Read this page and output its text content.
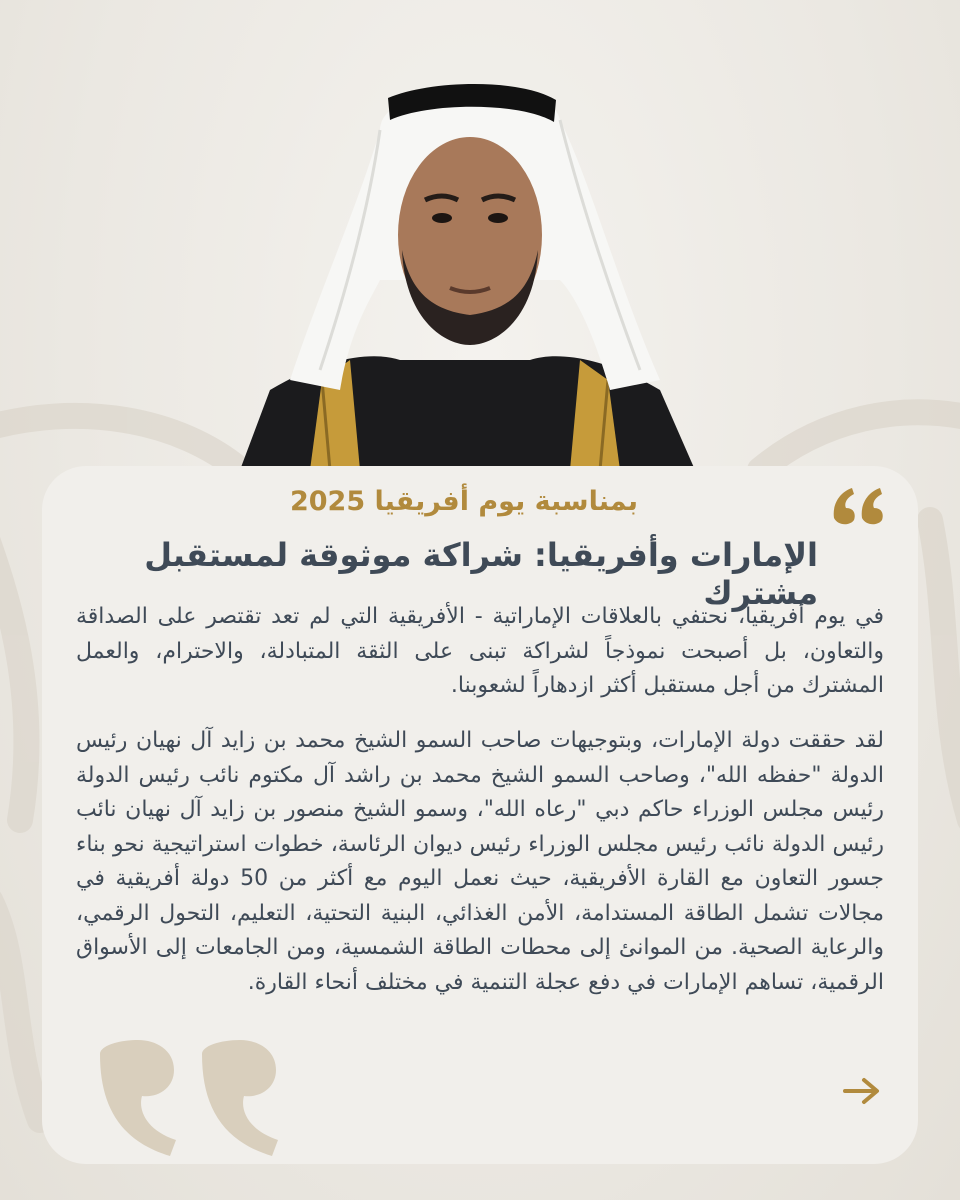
بمناسبة يوم أفريقيا 2025
الإمارات وأفريقيا: شراكة موثوقة لمستقبل مشترك
في يوم أفريقيا، نحتفي بالعلاقات الإماراتية - الأفريقية التي لم تعد تقتصر على الصداقة والتعاون، بل أصبحت نموذجاً لشراكة تبنى على الثقة المتبادلة، والاحترام، والعمل المشترك من أجل مستقبل أكثر ازدهاراً لشعوبنا.
لقد حققت دولة الإمارات، وبتوجيهات صاحب السمو الشيخ محمد بن زايد آل نهيان رئيس الدولة "حفظه الله"، وصاحب السمو الشيخ محمد بن راشد آل مكتوم نائب رئيس الدولة رئيس مجلس الوزراء حاكم دبي "رعاه الله"، وسمو الشيخ منصور بن زايد آل نهيان نائب رئيس الدولة نائب رئيس مجلس الوزراء رئيس ديوان الرئاسة، خطوات استراتيجية نحو بناء جسور التعاون مع القارة الأفريقية، حيث نعمل اليوم مع أكثر من 50 دولة أفريقية في مجالات تشمل الطاقة المستدامة، الأمن الغذائي، البنية التحتية، التعليم، التحول الرقمي، والرعاية الصحية. من الموانئ إلى محطات الطاقة الشمسية، ومن الجامعات إلى الأسواق الرقمية، تساهم الإمارات في دفع عجلة التنمية في مختلف أنحاء القارة.
